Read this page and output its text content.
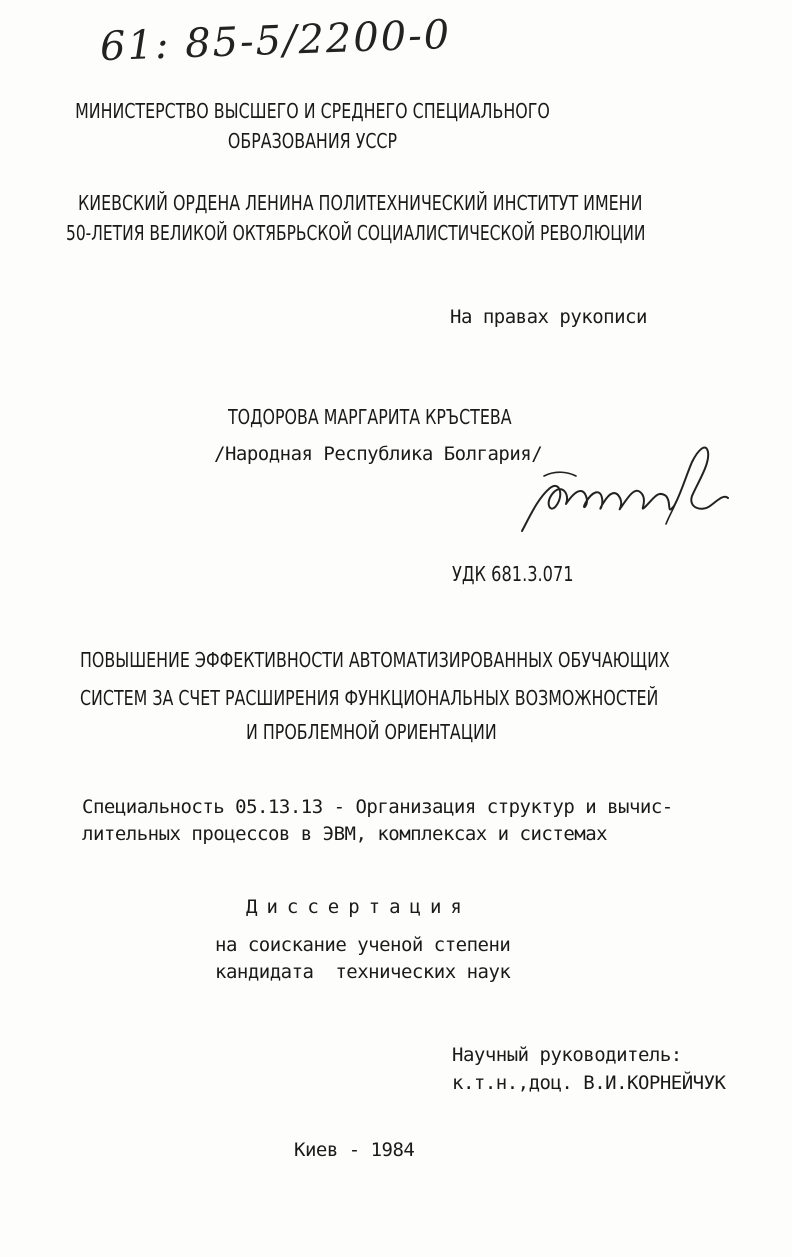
61: 85-5/2200-0
МИНИСТЕРСТВО ВЫСШЕГО И СРЕДНЕГО СПЕЦИАЛЬНОГО
ОБРАЗОВАНИЯ УССР
КИЕВСКИЙ ОРДЕНА ЛЕНИНА ПОЛИТЕХНИЧЕСКИЙ ИНСТИТУТ ИМЕНИ
50-ЛЕТИЯ ВЕЛИКОЙ ОКТЯБРЬСКОЙ СОЦИАЛИСТИЧЕСКОЙ РЕВОЛЮЦИИ
На правах рукописи
ТОДОРОВА МАРГАРИТА КРЪСТЕВА
/Народная Республика Болгария/
УДК 681.3.071
ПОВЫШЕНИЕ ЭФФЕКТИВНОСТИ АВТОМАТИЗИРОВАННЫХ ОБУЧАЮЩИХ
СИСТЕМ ЗА СЧЕТ РАСШИРЕНИЯ ФУНКЦИОНАЛЬНЫХ ВОЗМОЖНОСТЕЙ
И ПРОБЛЕМНОЙ ОРИЕНТАЦИИ
Специальность 05.13.13 - Организация структур и вычис-
лительных процессов в ЭВМ, комплексах и системах
Диссертация
на соискание ученой степени
кандидата  технических наук
Научный руководитель:
к.т.н.,доц. В.И.КОРНЕЙЧУК
Киев - 1984
